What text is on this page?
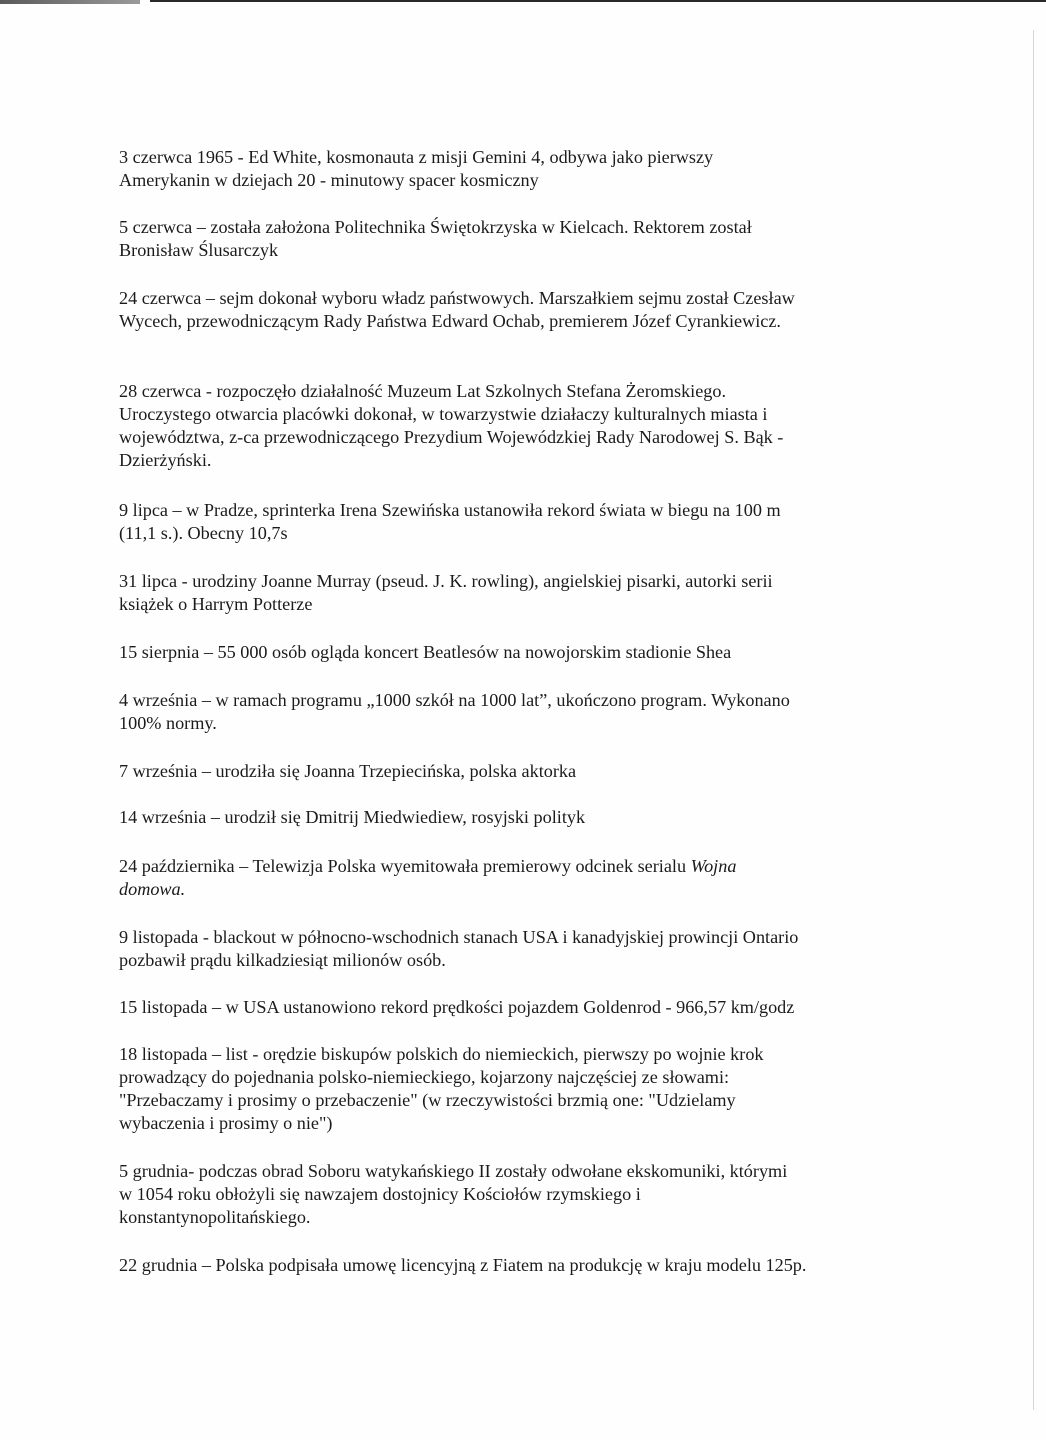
3 czerwca 1965 - Ed White, kosmonauta z misji Gemini 4, odbywa jako pierwszy
Amerykanin w dziejach 20 - minutowy spacer kosmiczny

5 czerwca – została założona Politechnika Świętokrzyska w Kielcach. Rektorem został
Bronisław Ślusarczyk

24 czerwca – sejm dokonał wyboru władz państwowych. Marszałkiem sejmu został Czesław
Wycech, przewodniczącym Rady Państwa Edward Ochab, premierem Józef Cyrankiewicz.

28 czerwca - rozpoczęło działalność Muzeum Lat Szkolnych Stefana Żeromskiego.
Uroczystego otwarcia placówki dokonał, w towarzystwie działaczy kulturalnych miasta i
województwa, z-ca przewodniczącego Prezydium Wojewódzkiej Rady Narodowej S. Bąk -
Dzierżyński.

9 lipca – w Pradze, sprinterka Irena Szewińska ustanowiła rekord świata w biegu na 100 m
(11,1 s.). Obecny 10,7s

31 lipca - urodziny Joanne Murray (pseud. J. K. rowling), angielskiej pisarki, autorki serii
książek o Harrym Potterze

15 sierpnia – 55 000 osób ogląda koncert Beatlesów na nowojorskim stadionie Shea

4 września – w ramach programu „1000 szkół na 1000 lat”, ukończono program. Wykonano
100% normy.

7 września – urodziła się Joanna Trzepiecińska, polska aktorka

14 września – urodził się Dmitrij Miedwiediew, rosyjski polityk

24 października – Telewizja Polska wyemitowała premierowy odcinek serialu Wojna
domowa.

9 listopada - blackout w północno-wschodnich stanach USA i kanadyjskiej prowincji Ontario
pozbawił prądu kilkadziesiąt milionów osób.

15 listopada – w USA ustanowiono rekord prędkości pojazdem Goldenrod - 966,57 km/godz

18 listopada – list - orędzie biskupów polskich do niemieckich, pierwszy po wojnie krok
prowadzący do pojednania polsko-niemieckiego, kojarzony najczęściej ze słowami:
"Przebaczamy i prosimy o przebaczenie" (w rzeczywistości brzmią one: "Udzielamy
wybaczenia i prosimy o nie")

5 grudnia- podczas obrad Soboru watykańskiego II zostały odwołane ekskomuniki, którymi
w 1054 roku obłożyli się nawzajem dostojnicy Kościołów rzymskiego i
konstantynopolitańskiego.

22 grudnia – Polska podpisała umowę licencyjną z Fiatem na produkcję w kraju modelu 125p.
